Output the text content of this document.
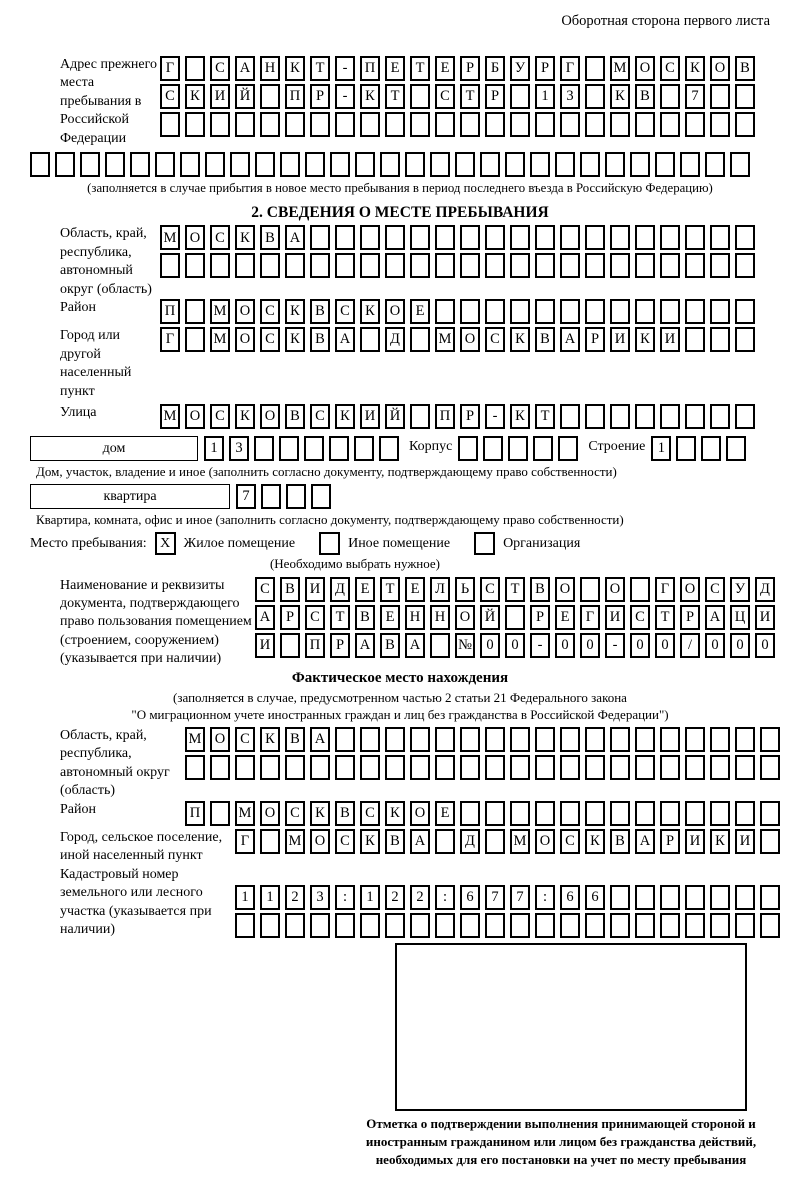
Оборотная сторона первого листа
Адрес прежнего места пребывания в Российской Федерации
Г	С	А	Н	К	Т	-	П	Е	Т	Е	Р	Б	У	Р	Г	М О	С	К	О	В
С	К	И	Й	П	Р	-	К	Т	С	Т	Р	1	3	К	В	7
(заполняется в случае прибытия в новое место пребывания в период последнего въезда в Российскую Федерацию)
2. СВЕДЕНИЯ О МЕСТЕ ПРЕБЫВАНИЯ
Область, край, республика, автономный округ (область)
М О	С	К	В	А
Район	П	М О	С	К	В	С	К	О	Е
Город или другой населенный пункт
Г	М О	С	К	В	А	Д	М О	С	К	В	А	Р	И	К	И
Улица	М О	С	К	О	В	С	К	И	Й	П	Р	-	К	Т
дом	1	3	Корпус	Строение 1
Дом, участок, владение и иное (заполнить согласно документу, подтверждающему право собственности)
квартира	7
Квартира, комната, офис и иное (заполнить согласно документу, подтверждающему право собственности)
Место пребывания: X Жилое помещение	Иное помещение	Организация
(Необходимо выбрать нужное)
Наименование и реквизиты документа, подтверждающего право пользования помещением (строением, сооружением) (указывается при наличии)
С	В	И	Д	Е	Т	Е	Л	Ь	С	Т	В	О	О	Г	О	С	У	Д
А	Р	С	Т	В	Е	Н	Н	О	Й	Р	Е	Г	И	С	Т	Р	А	Ц	И
И	П	Р	А	В	А	№ 0	0	-	0	0	-	0	0	/	0	0	0
Фактическое место нахождения
(заполняется в случае, предусмотренном частью 2 статьи 21 Федерального закона
"О миграционном учете иностранных граждан и лиц без гражданства в Российской Федерации")
Область, край, республика, автономный округ (область)
М О	С	К	В	А
Район	П	М О	С	К	В	С	К	О	Е
Город, сельское поселение, иной населенный пункт
Г	М О	С	К	В	А	Д	М О	С	К	В	А	Р	И	К	И
Кадастровый номер земельного или лесного участка (указывается при наличии)
1	1	2	3	:	1	2	2	:	6	7	7	:	6	6
Отметка о подтверждении выполнения принимающей стороной и иностранным гражданином или лицом без гражданства действий, необходимых для его постановки на учет по месту пребывания
